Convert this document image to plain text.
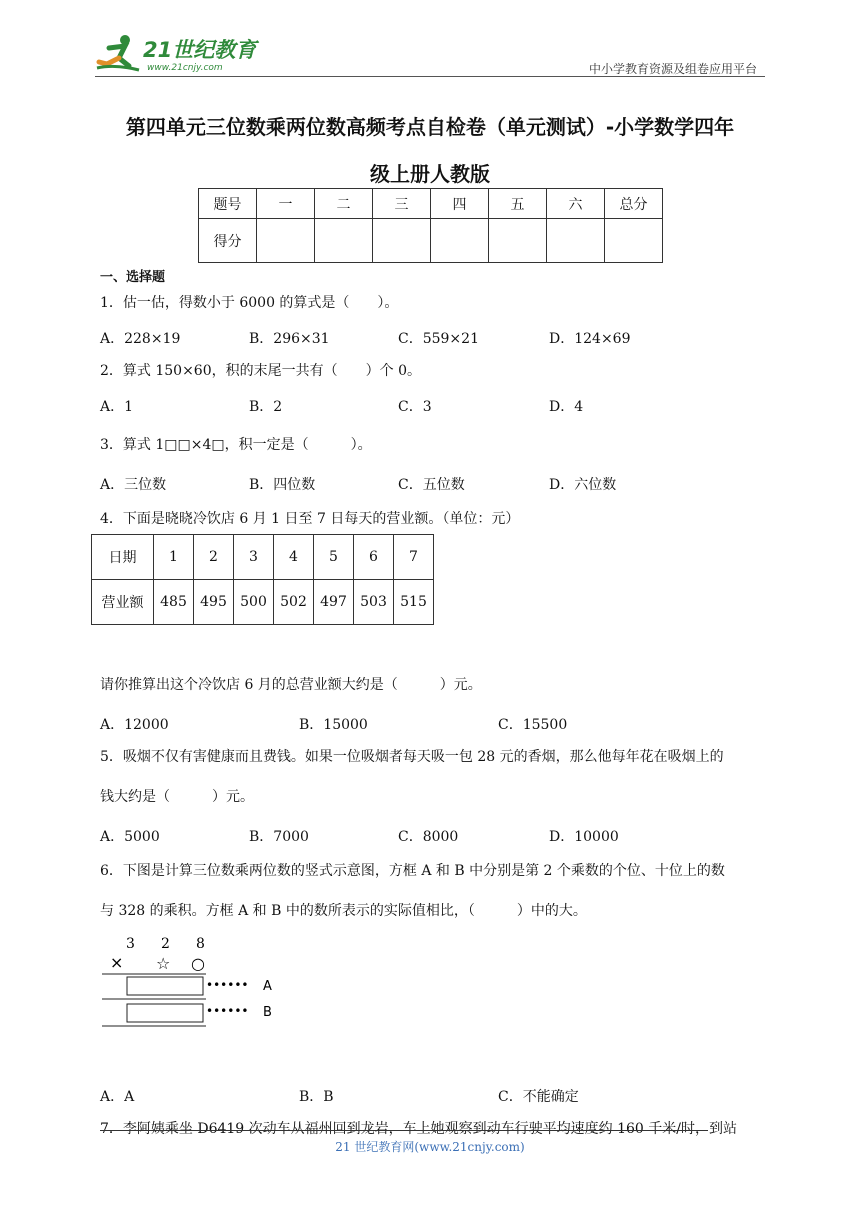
21世纪教育
www.21cnjy.com	中小学教育资源及组卷应用平台
第四单元三位数乘两位数高频考点自检卷（单元测试）-小学数学四年
级上册人教版
题号	一	二	三	四	五	六	总分
得分							
一、选择题
1．估一估，得数小于 6000 的算式是（　　）。
A．228×19	B．296×31	C．559×21	D．124×69
2．算式 150×60，积的末尾一共有（　　）个 0。
A．1	B．2	C．3	D．4
3．算式 1□□×4□，积一定是（　　　）。
A．三位数	B．四位数	C．五位数	D．六位数
4．下面是晓晓冷饮店 6 月 1 日至 7 日每天的营业额。（单位：元）
日期	1	2	3	4	5	6	7
营业额	485	495	500	502	497	503	515
请你推算出这个冷饮店 6 月的总营业额大约是（　　　）元。
A．12000	B．15000	C．15500
5．吸烟不仅有害健康而且费钱。如果一位吸烟者每天吸一包 28 元的香烟，那么他每年花在吸烟上的
钱大约是（　　　）元。
A．5000	B．7000	C．8000	D．10000
6．下图是计算三位数乘两位数的竖式示意图，方框 A 和 B 中分别是第 2 个乘数的个位、十位上的数
与 328 的乘积。方框 A 和 B 中的数所表示的实际值相比，（　　　）中的大。
3 2 8
× ☆ ○
•••••• A
•••••• B
A．A	B．B	C．不能确定
7．李阿姨乘坐 D6419 次动车从福州回到龙岩，车上她观察到动车行驶平均速度约 160 千米/时，到站
21 世纪教育网(www.21cnjy.com)
